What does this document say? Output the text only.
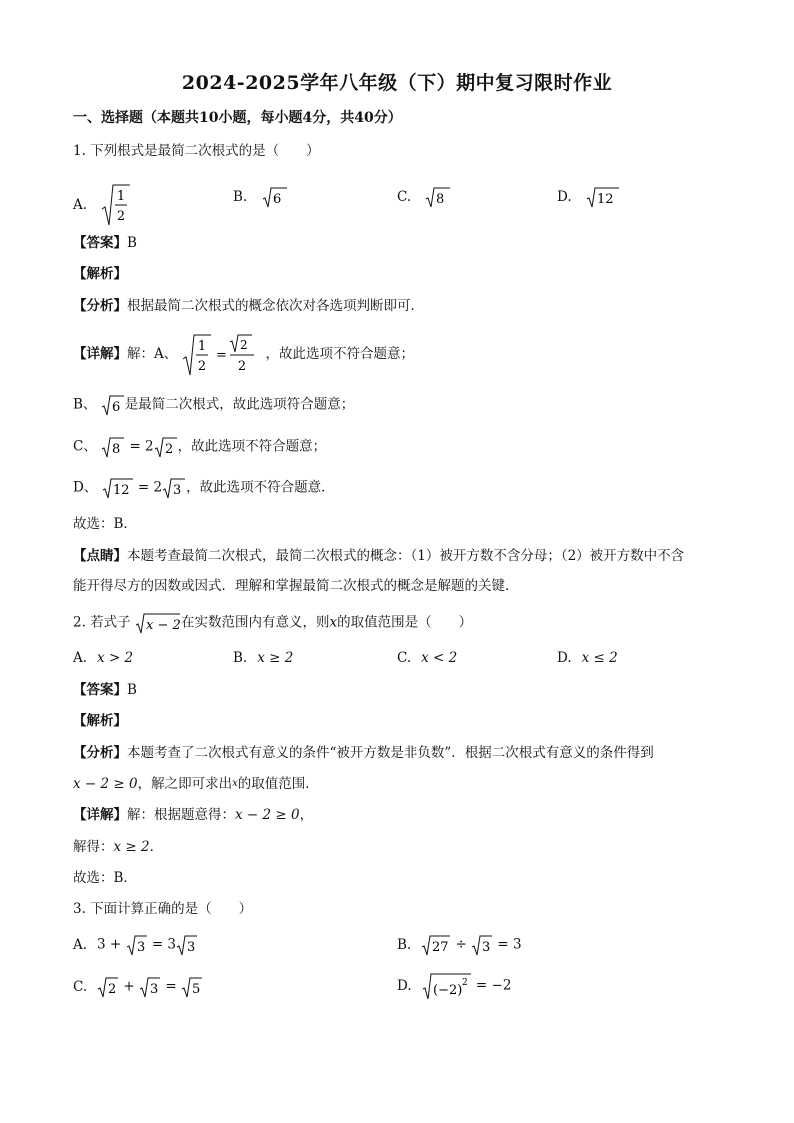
2024-2025学年八年级（下）期中复习限时作业
一、选择题（本题共10小题，每小题4分，共40分）
1. 下列根式是最简二次根式的是（　　）
A. 1
2
B. 6	C. 8	D. 12
【答案】B
【解析】
【分析】根据最简二次根式的概念依次对各选项判断即可．
【详解】解：A、 1
2
=
2
2
，故此选项不符合题意；
B、 6 是最简二次根式，故此选项符合题意；
C、 8 = 2 2 ，故此选项不符合题意；
D、 12 = 2 3 ，故此选项不符合题意．
故选：B．
【点睛】本题考查最简二次根式，最简二次根式的概念：（1）被开方数不含分母；（2）被开方数中不含
能开得尽方的因数或因式．理解和掌握最简二次根式的概念是解题的关键．
2. 若式子 x − 2 在实数范围内有意义，则x的取值范围是（　　）
A. x > 2	B. x ≥ 2	C. x < 2	D. x ≤ 2
【答案】B
【解析】
【分析】本题考查了二次根式有意义的条件“被开方数是非负数”．根据二次根式有意义的条件得到
x − 2 ≥ 0，解之即可求出$^x$的取值范围．
【详解】解：根据题意得：x − 2 ≥ 0，
解得：x ≥ 2．
故选：B．
3. 下面计算正确的是（　　）
A. 3 + 3 = 3 3	B. 27 ÷ 3 = 3
C. 2 + 3 = 5	D. (−2) 2 = −2
